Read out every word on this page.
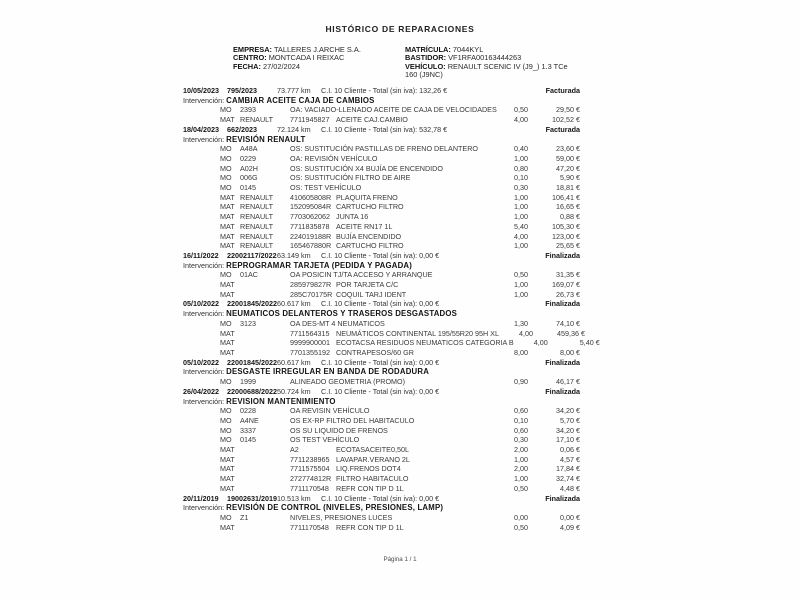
HISTÓRICO DE REPARACIONES
EMPRESA: TALLERES J.ARCHE S.A.
CENTRO: MONTCADA I REIXAC
FECHA: 27/02/2024
MATRÍCULA: 7044KYL
BASTIDOR: VF1RFA00163444263
VEHÍCULO: RENAULT SCENIC IV (J9_) 1.3 TCe 160 (J9NC)
10/05/2023	795/2023	73.777 km	C.I. 10 Cliente - Total (sin iva): 132,26 €	Facturada
Intervención: CAMBIAR ACEITE CAJA DE CAMBIOS
MO	2393	OA: VACIADO-LLENADO ACEITE DE CAJA DE VELOCIDADES	0,50	29,50 €
MAT RENAULT	7711945827 ACEITE CAJ.CAMBIO	4,00	102,52 €
18/04/2023	662/2023	72.124 km	C.I. 10 Cliente - Total (sin iva): 532,78 €	Facturada
Intervención: REVISIÓN RENAULT
MO	A48A	OS: SUSTITUCIÓN PASTILLAS DE FRENO DELANTERO	0,40	23,60 €
MO	0229	OA: REVISIÓN VEHÍCULO	1,00	59,00 €
MO	A02H	OS: SUSTITUCIÓN X4 BUJÍA DE ENCENDIDO	0,80	47,20 €
MO	006G	OS: SUSTITUCIÓN FILTRO DE AIRE	0,10	5,90 €
MO	0145	OS: TEST VEHÍCULO	0,30	18,81 €
MAT RENAULT	410605808R PLAQUITA FRENO	1,00	106,41 €
MAT RENAULT	152095084R CARTUCHO FILTRO	1,00	16,65 €
MAT RENAULT	7703062062 JUNTA 16	1,00	0,88 €
MAT RENAULT	7711835878 ACEITE RN17 1L	5,40	105,30 €
MAT RENAULT	224019188R BUJÍA ENCENDIDO	4,00	123,00 €
MAT RENAULT	165467880R CARTUCHO FILTRO	1,00	25,65 €
16/11/2022	22002117/2022 63.149 km	C.I. 10 Cliente - Total (sin iva): 0,00 €	Finalizada
Intervención: REPROGRAMAR TARJETA (PEDIDA Y PAGADA)
MO	01AC	OA POSICIN TJ/TA ACCESO Y ARRANQUE	0,50	31,35 €
MAT	285979827R POR TARJETA C/C	1,00	169,07 €
MAT	285C70175R COQUIL TARJ IDENT	1,00	26,73 €
05/10/2022	22001845/2022 60.617 km	C.I. 10 Cliente - Total (sin iva): 0,00 €	Finalizada
Intervención: NEUMATICOS DELANTEROS Y TRASEROS DESGASTADOS
MO	3123	OA DES-MT 4 NEUMATICOS	1,30	74,10 €
MAT	7711564315 NEUMÁTICOS CONTINENTAL 195/55R20 95H XL	4,00	459,36 €
MAT	9999900001 ECOTACSA RESIDUOS NEUMATICOS CATEGORIA B	4,00	5,40 €
MAT	7701355192 CONTRAPESOS/60 GR	8,00	8,00 €
05/10/2022	22001845/2022 60.617 km	C.I. 10 Cliente - Total (sin iva): 0,00 €	Finalizada
Intervención: DESGASTE IRREGULAR EN BANDA DE RODADURA
MO	1999	ALINEADO GEOMETRIA (PROMO)	0,90	46,17 €
26/04/2022	22000688/2022 50.724 km	C.I. 10 Cliente - Total (sin iva): 0,00 €	Finalizada
Intervención: REVISION MANTENIMIENTO
MO	0228	OA REVISIN VEHÍCULO	0,60	34,20 €
MO	A4NE	OS EX-RP FILTRO DEL HABITACULO	0,10	5,70 €
MO	3337	OS SU LIQUIDO DE FRENOS	0,60	34,20 €
MO	0145	OS TEST VEHÍCULO	0,30	17,10 €
MAT	A2	ECOTASACEITE0,50L	2,00	0,06 €
MAT	7711238965 LAVAPAR.VERANO 2L	1,00	4,57 €
MAT	7711575504 LIQ.FRENOS DOT4	2,00	17,84 €
MAT	272774812R FILTRO HABITACULO	1,00	32,74 €
MAT	7711170548 REFR CON TIP D 1L	0,50	4,48 €
20/11/2019	19002631/2019 10.513 km	C.I. 10 Cliente - Total (sin iva): 0,00 €	Finalizada
Intervención: REVISIÓN DE CONTROL (NIVELES, PRESIONES, LAMP)
MO	Z1	NIVELES, PRESIONES LUCES	0,00	0,00 €
MAT	7711170548 REFR CON TIP D 1L	0,50	4,09 €
Página 1 / 1
